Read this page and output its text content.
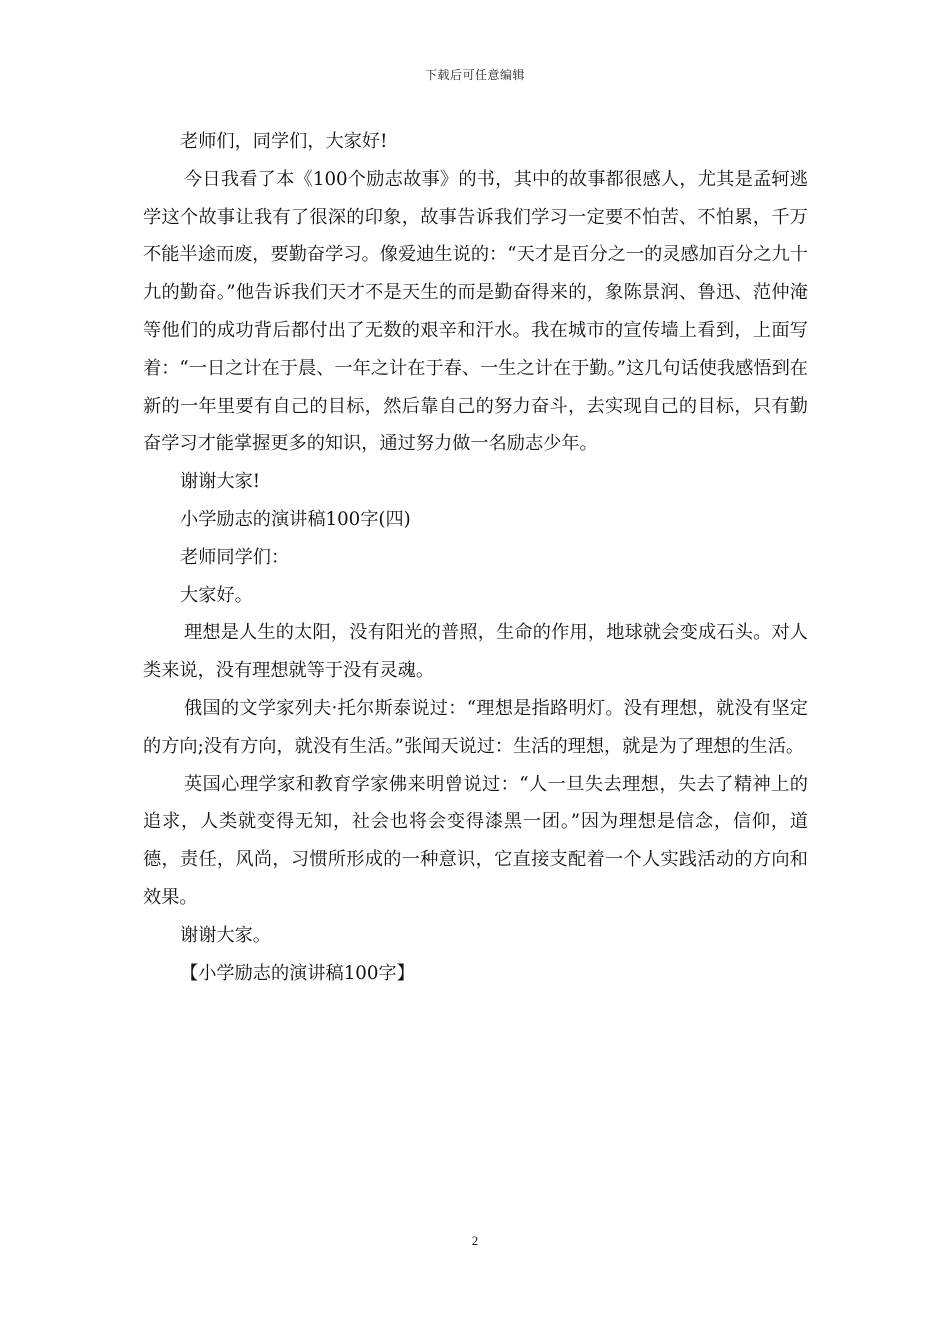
下载后可任意编辑

老师们，同学们，大家好!

今日我看了本《100个励志故事》的书，其中的故事都很感人，尤其是孟轲逃学这个故事让我有了很深的印象，故事告诉我们学习一定要不怕苦、不怕累，千万不能半途而废，要勤奋学习。像爱迪生说的：“天才是百分之一的灵感加百分之九十九的勤奋。”他告诉我们天才不是天生的而是勤奋得来的，象陈景润、鲁迅、范仲淹等他们的成功背后都付出了无数的艰辛和汗水。我在城市的宣传墙上看到，上面写着：“一日之计在于晨、一年之计在于春、一生之计在于勤。”这几句话使我感悟到在新的一年里要有自己的目标，然后靠自己的努力奋斗，去实现自己的目标，只有勤奋学习才能掌握更多的知识，通过努力做一名励志少年。

谢谢大家!

小学励志的演讲稿100字(四)

老师同学们：

大家好。

理想是人生的太阳，没有阳光的普照，生命的作用，地球就会变成石头。对人类来说，没有理想就等于没有灵魂。

俄国的文学家列夫·托尔斯泰说过：“理想是指路明灯。没有理想，就没有坚定的方向;没有方向，就没有生活。”张闻天说过：生活的理想，就是为了理想的生活。

英国心理学家和教育学家佛来明曾说过：“人一旦失去理想，失去了精神上的追求，人类就变得无知，社会也将会变得漆黑一团。”因为理想是信念，信仰，道德，责任，风尚，习惯所形成的一种意识，它直接支配着一个人实践活动的方向和效果。

谢谢大家。

【小学励志的演讲稿100字】

2
